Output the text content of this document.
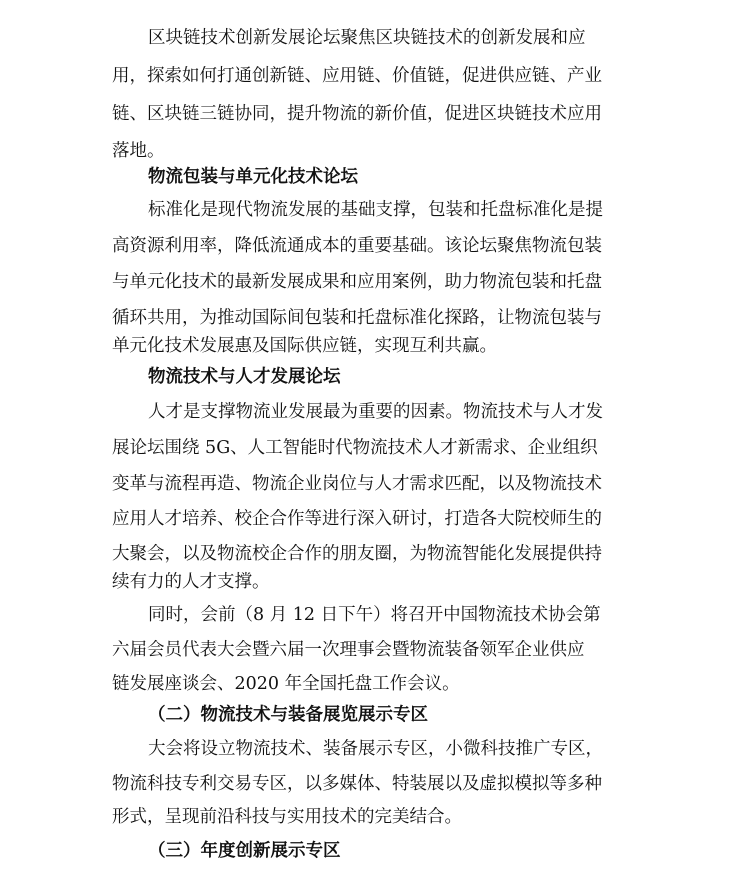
区块链技术创新发展论坛聚焦区块链技术的创新发展和应
用，探索如何打通创新链、应用链、价值链，促进供应链、产业
链、区块链三链协同，提升物流的新价值，促进区块链技术应用
落地。
物流包装与单元化技术论坛
标准化是现代物流发展的基础支撑，包装和托盘标准化是提
高资源利用率，降低流通成本的重要基础。该论坛聚焦物流包装
与单元化技术的最新发展成果和应用案例，助力物流包装和托盘
循环共用，为推动国际间包装和托盘标准化探路，让物流包装与
单元化技术发展惠及国际供应链，实现互利共赢。
物流技术与人才发展论坛
人才是支撑物流业发展最为重要的因素。物流技术与人才发
展论坛围绕 5G、人工智能时代物流技术人才新需求、企业组织
变革与流程再造、物流企业岗位与人才需求匹配，以及物流技术
应用人才培养、校企合作等进行深入研讨，打造各大院校师生的
大聚会，以及物流校企合作的朋友圈，为物流智能化发展提供持
续有力的人才支撑。
同时，会前（8 月 12 日下午）将召开中国物流技术协会第
六届会员代表大会暨六届一次理事会暨物流装备领军企业供应
链发展座谈会、2020 年全国托盘工作会议。
（二）物流技术与装备展览展示专区
大会将设立物流技术、装备展示专区，小微科技推广专区，
物流科技专利交易专区，以多媒体、特装展以及虚拟模拟等多种
形式，呈现前沿科技与实用技术的完美结合。
（三）年度创新展示专区
